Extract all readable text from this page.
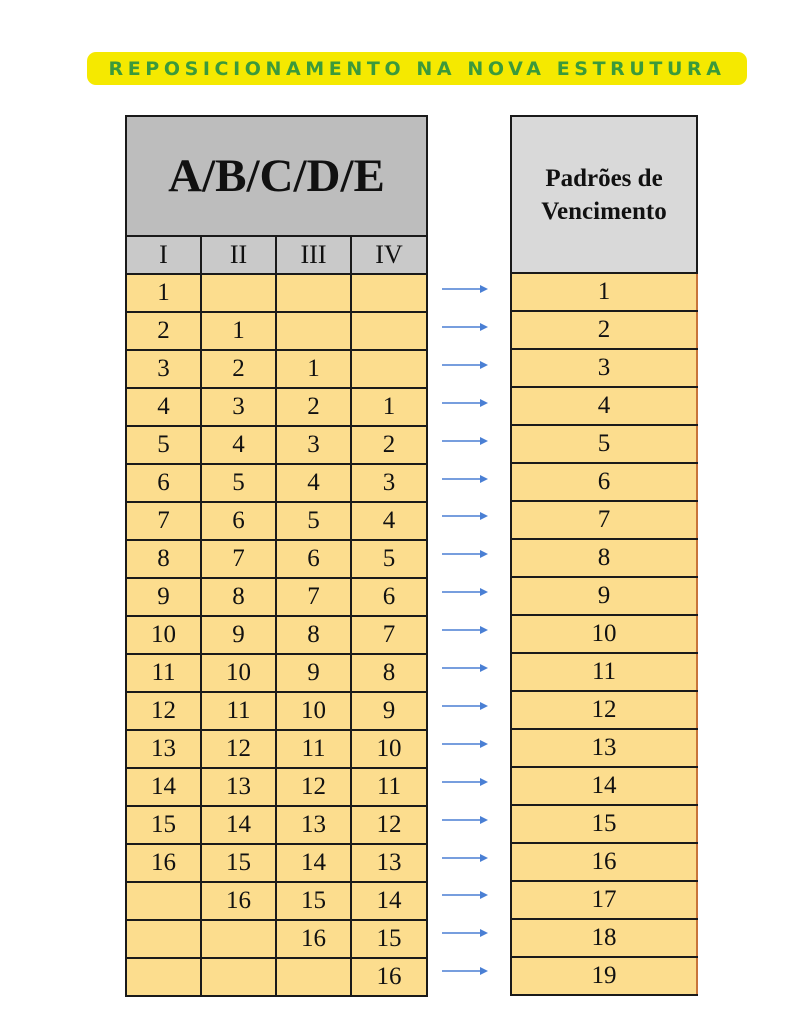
REPOSICIONAMENTO NA NOVA ESTRUTURA
A/B/C/D/E			
I	II	III	IV
1			
2	1		
3	2	1	
4	3	2	1
5	4	3	2
6	5	4	3
7	6	5	4
8	7	6	5
9	8	7	6
10	9	8	7
11	10	9	8
12	11	10	9
13	12	11	10
14	13	12	11
15	14	13	12
16	15	14	13
	16	15	14
		16	15
			16
Padrões de
Vencimento

1
2
3
4
5
6
7
8
9
10
11
12
13
14
15
16
17
18
19
